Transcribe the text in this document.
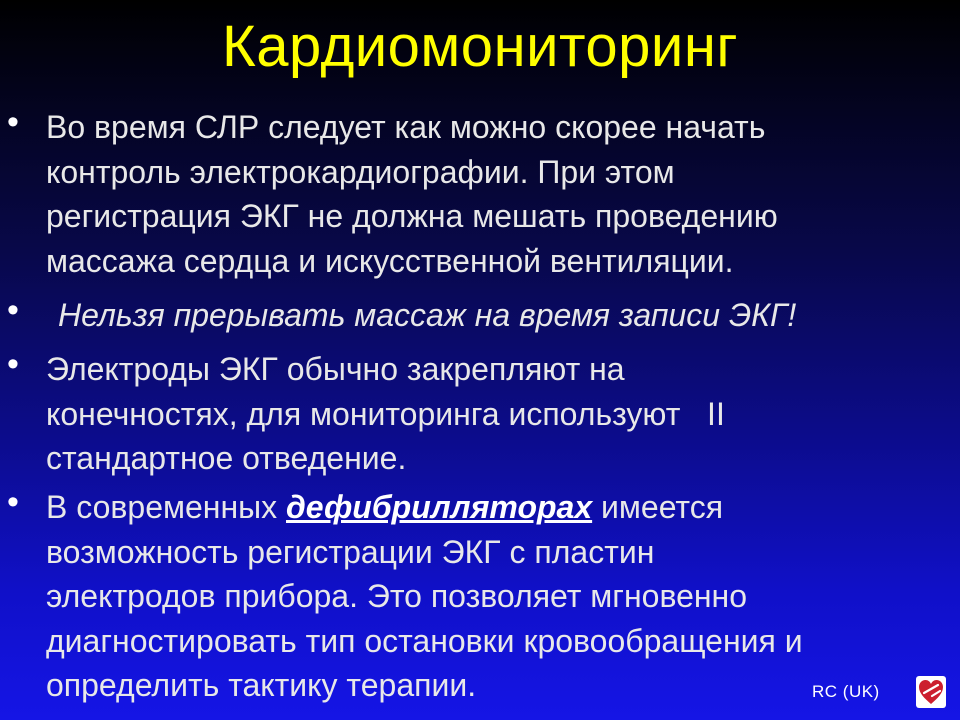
Кардиомониторинг
•
Во время СЛР следует как можно скорее начать
контроль электрокардиографии. При этом
регистрация ЭКГ не должна мешать проведению
массажа сердца и искусственной вентиляции.
•
Нельзя прерывать массаж на время записи ЭКГ!
•
Электроды ЭКГ обычно закрепляют на
конечностях, для мониторинга используют   II
стандартное отведение.
•
В современных дефибрилляторах имеется
возможность регистрации ЭКГ с пластин
электродов прибора. Это позволяет мгновенно
диагностировать тип остановки кровообращения и
определить тактику терапии.	RC (UK)
